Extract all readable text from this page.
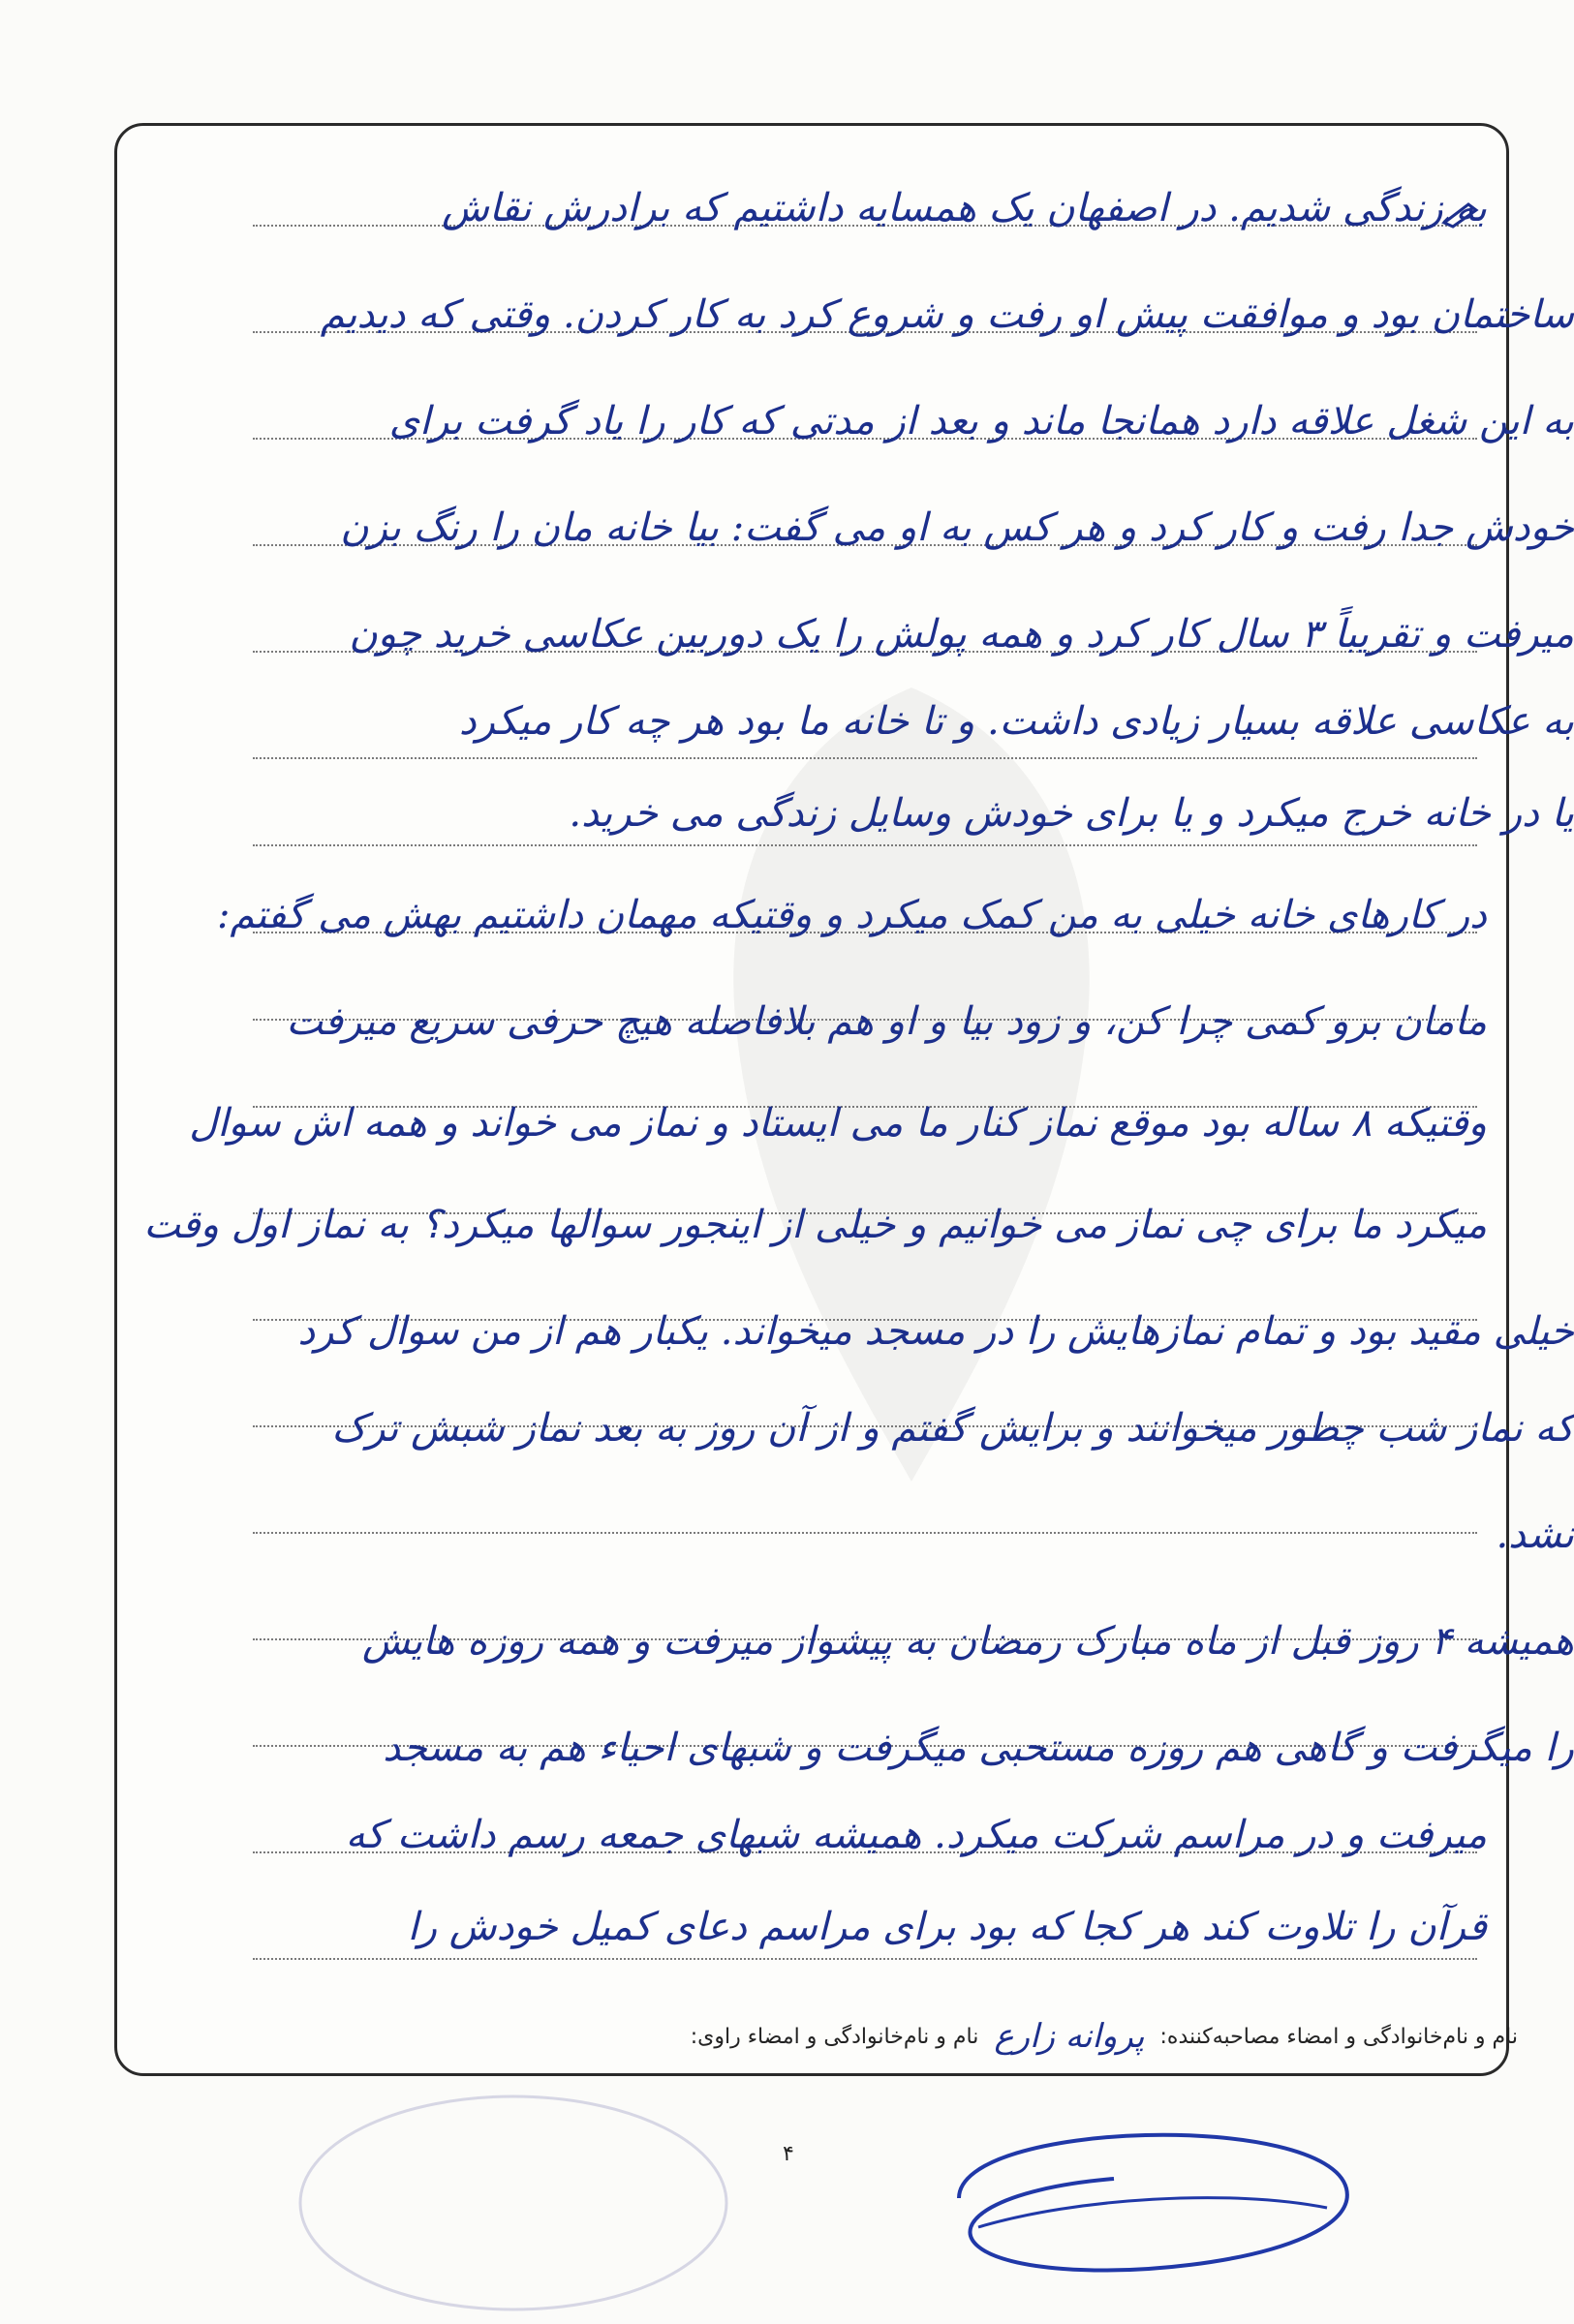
به زندگی شدیم. در اصفهان یک همسایه داشتیم که برادرش نقاش
ساختمان بود و موافقت پیش او رفت و شروع کرد به کار کردن. وقتی که دیدیم
به این شغل علاقه دارد همانجا ماند و بعد از مدتی که کار را یاد گرفت برای
خودش جدا رفت و کار کرد و هر کس به او می گفت: بیا خانه مان را رنگ بزن
میرفت و تقریباً ۳ سال کار کرد و همه پولش را یک دوربین عکاسی خرید چون
به عکاسی علاقه بسیار زیادی داشت. و تا خانه ما بود هر چه کار میکرد
یا در خانه خرج میکرد و یا برای خودش وسایل زندگی می خرید.
در کارهای خانه خیلی به من کمک میکرد و وقتیکه مهمان داشتیم بهش می گفتم:
مامان برو کمی چرا کن، و زود بیا و او هم بلافاصله هیچ حرفی سریع میرفت
وقتیکه ۸ ساله بود موقع نماز کنار ما می ایستاد و نماز می خواند و همه اش سوال
میکرد ما برای چی نماز می خوانیم و خیلی از اینجور سوالها میکرد؟ به نماز اول وقت
خیلی مقید بود و تمام نمازهایش را در مسجد میخواند. یکبار هم از من سوال کرد
که نماز شب چطور میخوانند و برایش گفتم و از آن روز به بعد نماز شبش ترک
نشد.
همیشه ۴ روز قبل از ماه مبارک رمضان به پیشواز میرفت و همه روزه هایش
را میگرفت و گاهی هم روزه مستحبی میگرفت و شبهای احیاء هم به مسجد
میرفت و در مراسم شرکت میکرد. همیشه شبهای جمعه رسم داشت که
قرآن را تلاوت کند هر کجا که بود برای مراسم دعای کمیل خودش را
نام و نام‌خانوادگی و امضاء مصاحبه‌کننده:
پروانه زارع
نام و نام‌خانوادگی و امضاء راوی:
۴
